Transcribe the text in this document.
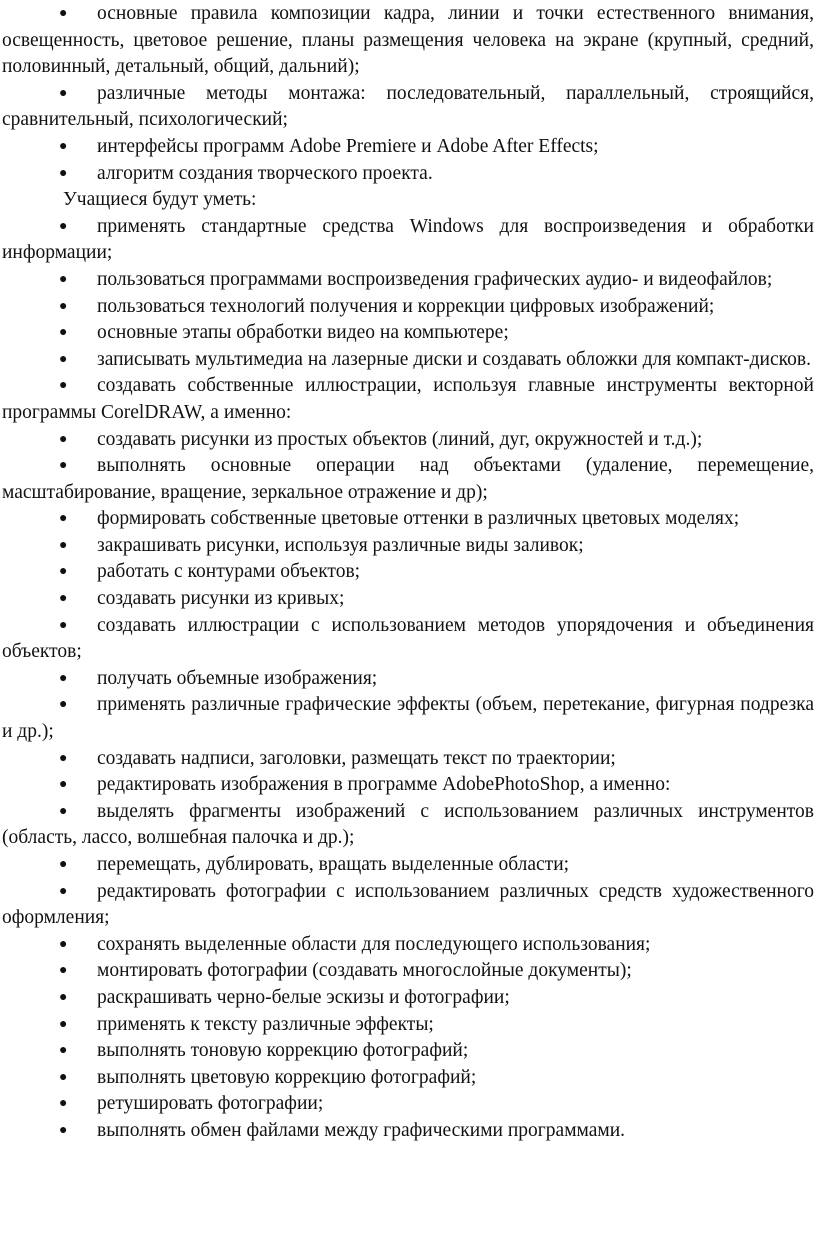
● основные правила композиции кадра, линии и точки естественного внимания, освещенность, цветовое решение, планы размещения человека на экране (крупный, средний, половинный, детальный, общий, дальний);

● различные методы монтажа: последовательный, параллельный, строящийся, сравнительный, психологический;

● интерфейсы программ Adobe Premiere и Adobe After Effects;

● алгоритм создания творческого проекта.

Учащиеся будут уметь:

● применять стандартные средства Windows для воспроизведения и обработки информации;

● пользоваться программами воспроизведения графических аудио- и видеофайлов;

● пользоваться технологий получения и коррекции цифровых изображений;

● основные этапы обработки видео на компьютере;

● записывать мультимедиа на лазерные диски и создавать обложки для компакт-дисков.

● создавать собственные иллюстрации, используя главные инструменты векторной программы CorelDRAW, а именно:

● создавать рисунки из простых объектов (линий, дуг, окружностей и т.д.);

● выполнять основные операции над объектами (удаление, перемещение, масштабирование, вращение, зеркальное отражение и др);

● формировать собственные цветовые оттенки в различных цветовых моделях;

● закрашивать рисунки, используя различные виды заливок;

● работать с контурами объектов;

● создавать рисунки из кривых;

● создавать иллюстрации с использованием методов упорядочения и объединения объектов;

● получать объемные изображения;

● применять различные графические эффекты (объем, перетекание, фигурная подрезка и др.);

● создавать надписи, заголовки, размещать текст по траектории;

● редактировать изображения в программе AdobePhotoShop, а именно:

● выделять фрагменты изображений с использованием различных инструментов (область, лассо, волшебная палочка и др.);

● перемещать, дублировать, вращать выделенные области;

● редактировать фотографии с использованием различных средств художественного оформления;

● сохранять выделенные области для последующего использования;

● монтировать фотографии (создавать многослойные документы);

● раскрашивать черно-белые эскизы и фотографии;

● применять к тексту различные эффекты;

● выполнять тоновую коррекцию фотографий;

● выполнять цветовую коррекцию фотографий;

● ретушировать фотографии;

● выполнять обмен файлами между графическими программами.
